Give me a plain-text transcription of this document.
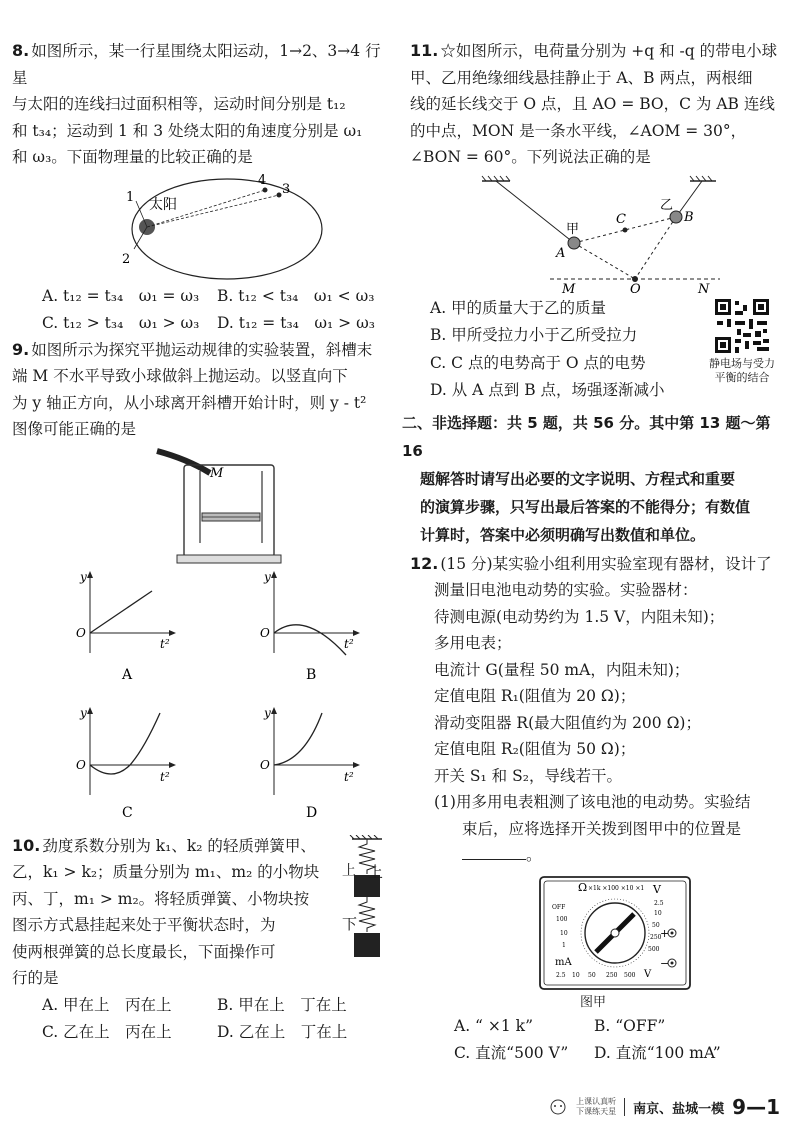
8. 如图所示，某一行星围绕太阳运动，1→2、3→4 行星

与太阳的连线扫过面积相等，运动时间分别是 t₁₂

和 t₃₄；运动到 1 和 3 处绕太阳的角速度分别是 ω₁

和 ω₃。下面物理量的比较正确的是

太阳
1
2
4
3
A. t₁₂ = t₃₄　ω₁ = ω₃	B. t₁₂ < t₃₄　ω₁ < ω₃
C. t₁₂ > t₃₄　ω₁ > ω₃	D. t₁₂ = t₃₄　ω₁ > ω₃

9. 如图所示为探究平抛运动规律的实验装置，斜槽末

端 M 不水平导致小球做斜上抛运动。以竖直向下

为 y 轴正方向，从小球离开斜槽开始计时，则 y - t²

图像可能正确的是

M
y
O
t²
A
y
O
t²
B
y
O
t²
C
y
O
t²
D

10. 劲度系数分别为 k₁、k₂ 的轻质弹簧甲、

乙，k₁ > k₂；质量分别为 m₁、m₂ 的小物块

丙、丁，m₁ > m₂。将轻质弹簧、小物块按

图示方式悬挂起来处于平衡状态时，为

使两根弹簧的总长度最长，下面操作可

行的是

上 上
下
A. 甲在上　丙在上	B. 甲在上　丁在上
C. 乙在上　丙在上	D. 乙在上　丁在上

11. ☆如图所示，电荷量分别为 +q 和 -q 的带电小球

甲、乙用绝缘细线悬挂静止于 A、B 两点，两根细

线的延长线交于 O 点，且 AO = BO，C 为 AB 连线

的中点，MON 是一条水平线，∠AOM = 30°，

∠BON = 60°。下列说法正确的是

甲
乙
A
B
C
M	O	N
A. 甲的质量大于乙的质量
B. 甲所受拉力小于乙所受拉力
C. C 点的电势高于 O 点的电势
D. 从 A 点到 B 点，场强逐渐减小
静电场与受力
平衡的结合
二、非选择题：共 5 题，共 56 分。其中第 13 题～第 16
题解答时请写出必要的文字说明、方程式和重要
的演算步骤，只写出最后答案的不能得分；有数值
计算时，答案中必须明确写出数值和单位。

12. (15 分)某实验小组利用实验室现有器材，设计了

测量旧电池电动势的实验。实验器材：

待测电源(电动势约为 1.5 V，内阻未知)；

多用电表；

电流计 G(量程 50 mA，内阻未知)；

定值电阻 R₁(阻值为 20 Ω)；

滑动变阻器 R(最大阻值约为 200 Ω)；

定值电阻 R₂(阻值为 50 Ω)；

开关 S₁ 和 S₂，导线若干。

(1)用多用电表粗测了该电池的电动势。实验结

束后，应将选择开关拨到图甲中的位置是

。

Ω ×1k ×100 ×10 ×1 V
OFF
100
10
1
2.5
10
50
250
500
mA
2.5 10 50 250 500 V
+
−
图甲
A. “ ×1 k”	B. “OFF”
C. 直流“500 V”	D. 直流“100 mA”
上课认真听
下课练天星 南京、盐城一模 9—1
